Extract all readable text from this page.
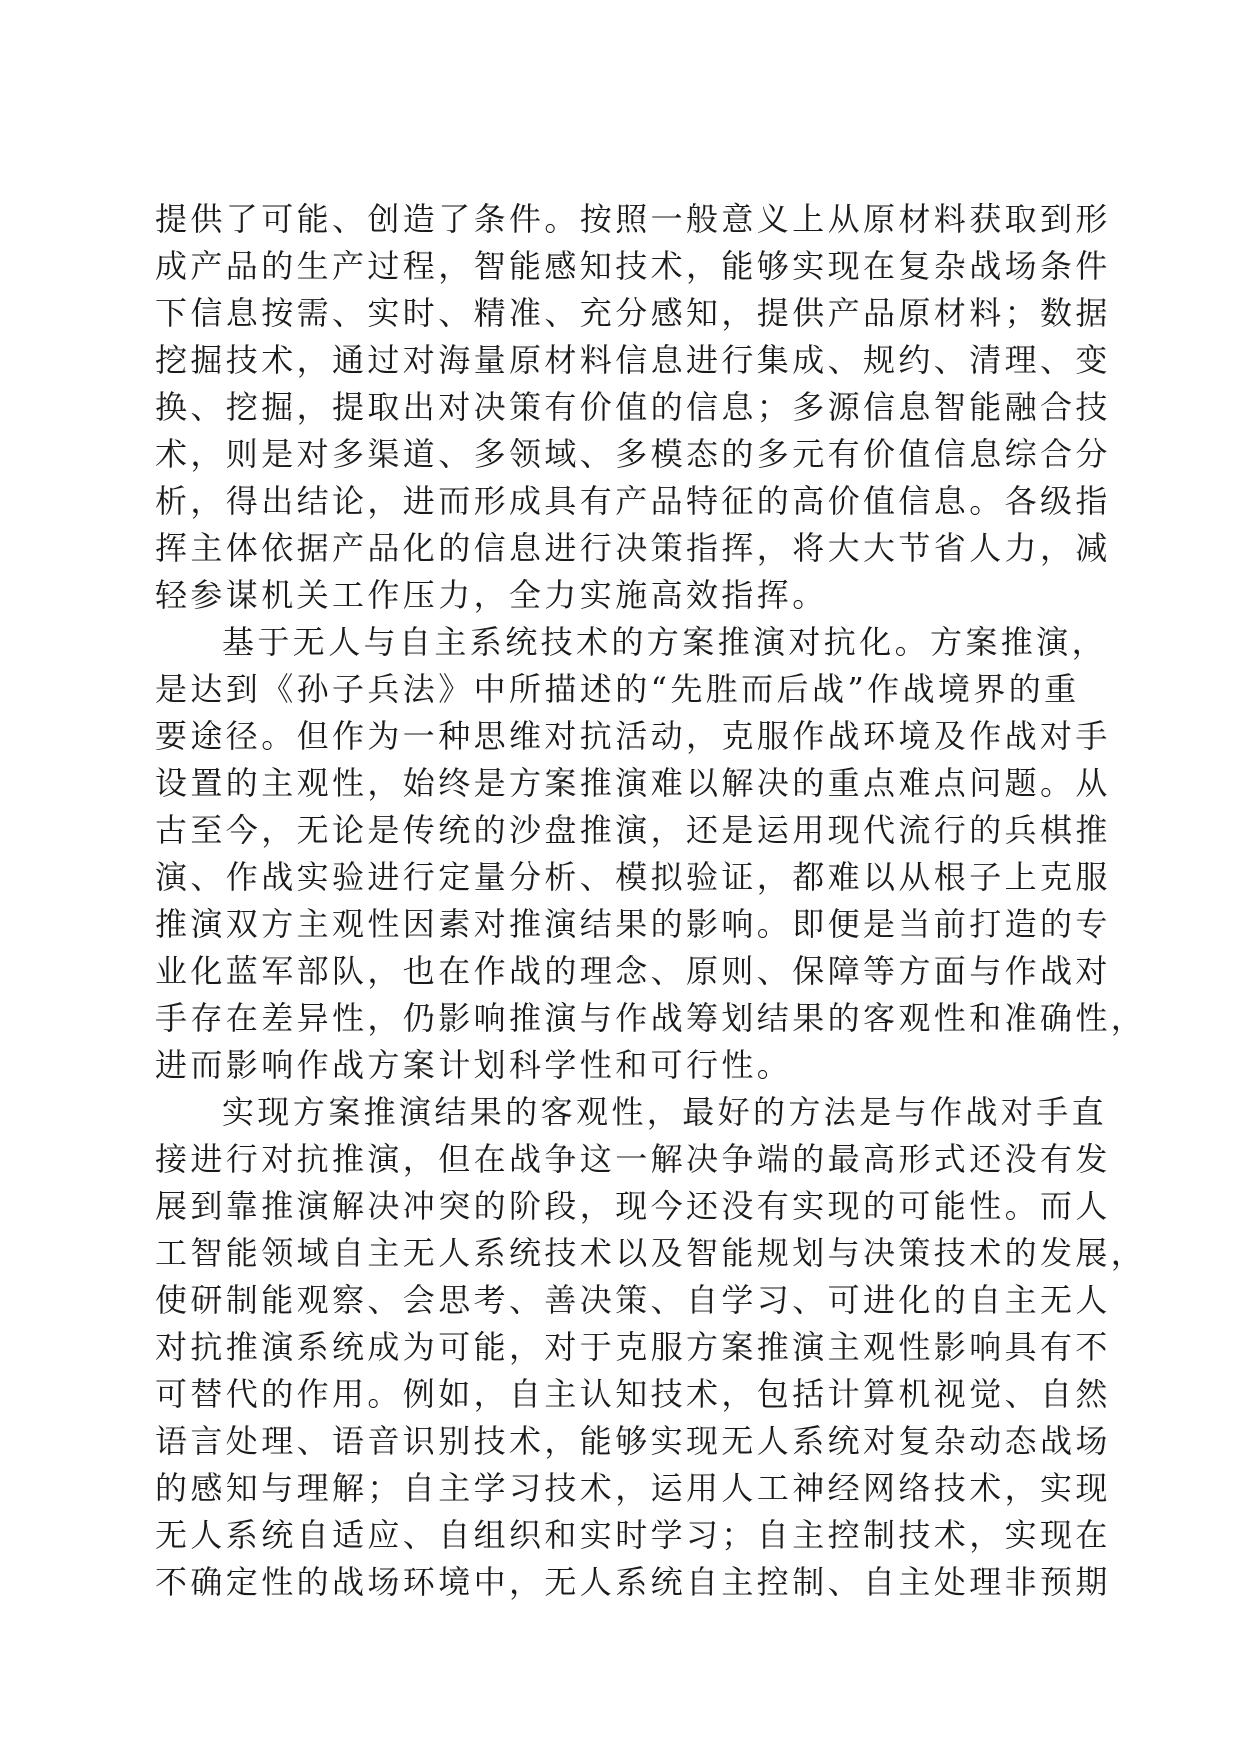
提供了可能、创造了条件。按照一般意义上从原材料获取到形
成产品的生产过程，智能感知技术，能够实现在复杂战场条件
下信息按需、实时、精准、充分感知，提供产品原材料；数据
挖掘技术，通过对海量原材料信息进行集成、规约、清理、变
换、挖掘，提取出对决策有价值的信息；多源信息智能融合技
术，则是对多渠道、多领域、多模态的多元有价值信息综合分
析，得出结论，进而形成具有产品特征的高价值信息。各级指
挥主体依据产品化的信息进行决策指挥，将大大节省人力，减
轻参谋机关工作压力，全力实施高效指挥。
基于无人与自主系统技术的方案推演对抗化。方案推演，
是达到《孙子兵法》中所描述的“先胜而后战”作战境界的重
要途径。但作为一种思维对抗活动，克服作战环境及作战对手
设置的主观性，始终是方案推演难以解决的重点难点问题。从
古至今，无论是传统的沙盘推演，还是运用现代流行的兵棋推
演、作战实验进行定量分析、模拟验证，都难以从根子上克服
推演双方主观性因素对推演结果的影响。即便是当前打造的专
业化蓝军部队，也在作战的理念、原则、保障等方面与作战对
手存在差异性，仍影响推演与作战筹划结果的客观性和准确性，
进而影响作战方案计划科学性和可行性。
实现方案推演结果的客观性，最好的方法是与作战对手直
接进行对抗推演，但在战争这一解决争端的最高形式还没有发
展到靠推演解决冲突的阶段，现今还没有实现的可能性。而人
工智能领域自主无人系统技术以及智能规划与决策技术的发展，
使研制能观察、会思考、善决策、自学习、可进化的自主无人
对抗推演系统成为可能，对于克服方案推演主观性影响具有不
可替代的作用。例如，自主认知技术，包括计算机视觉、自然
语言处理、语音识别技术，能够实现无人系统对复杂动态战场
的感知与理解；自主学习技术，运用人工神经网络技术，实现
无人系统自适应、自组织和实时学习；自主控制技术，实现在
不确定性的战场环境中，无人系统自主控制、自主处理非预期
